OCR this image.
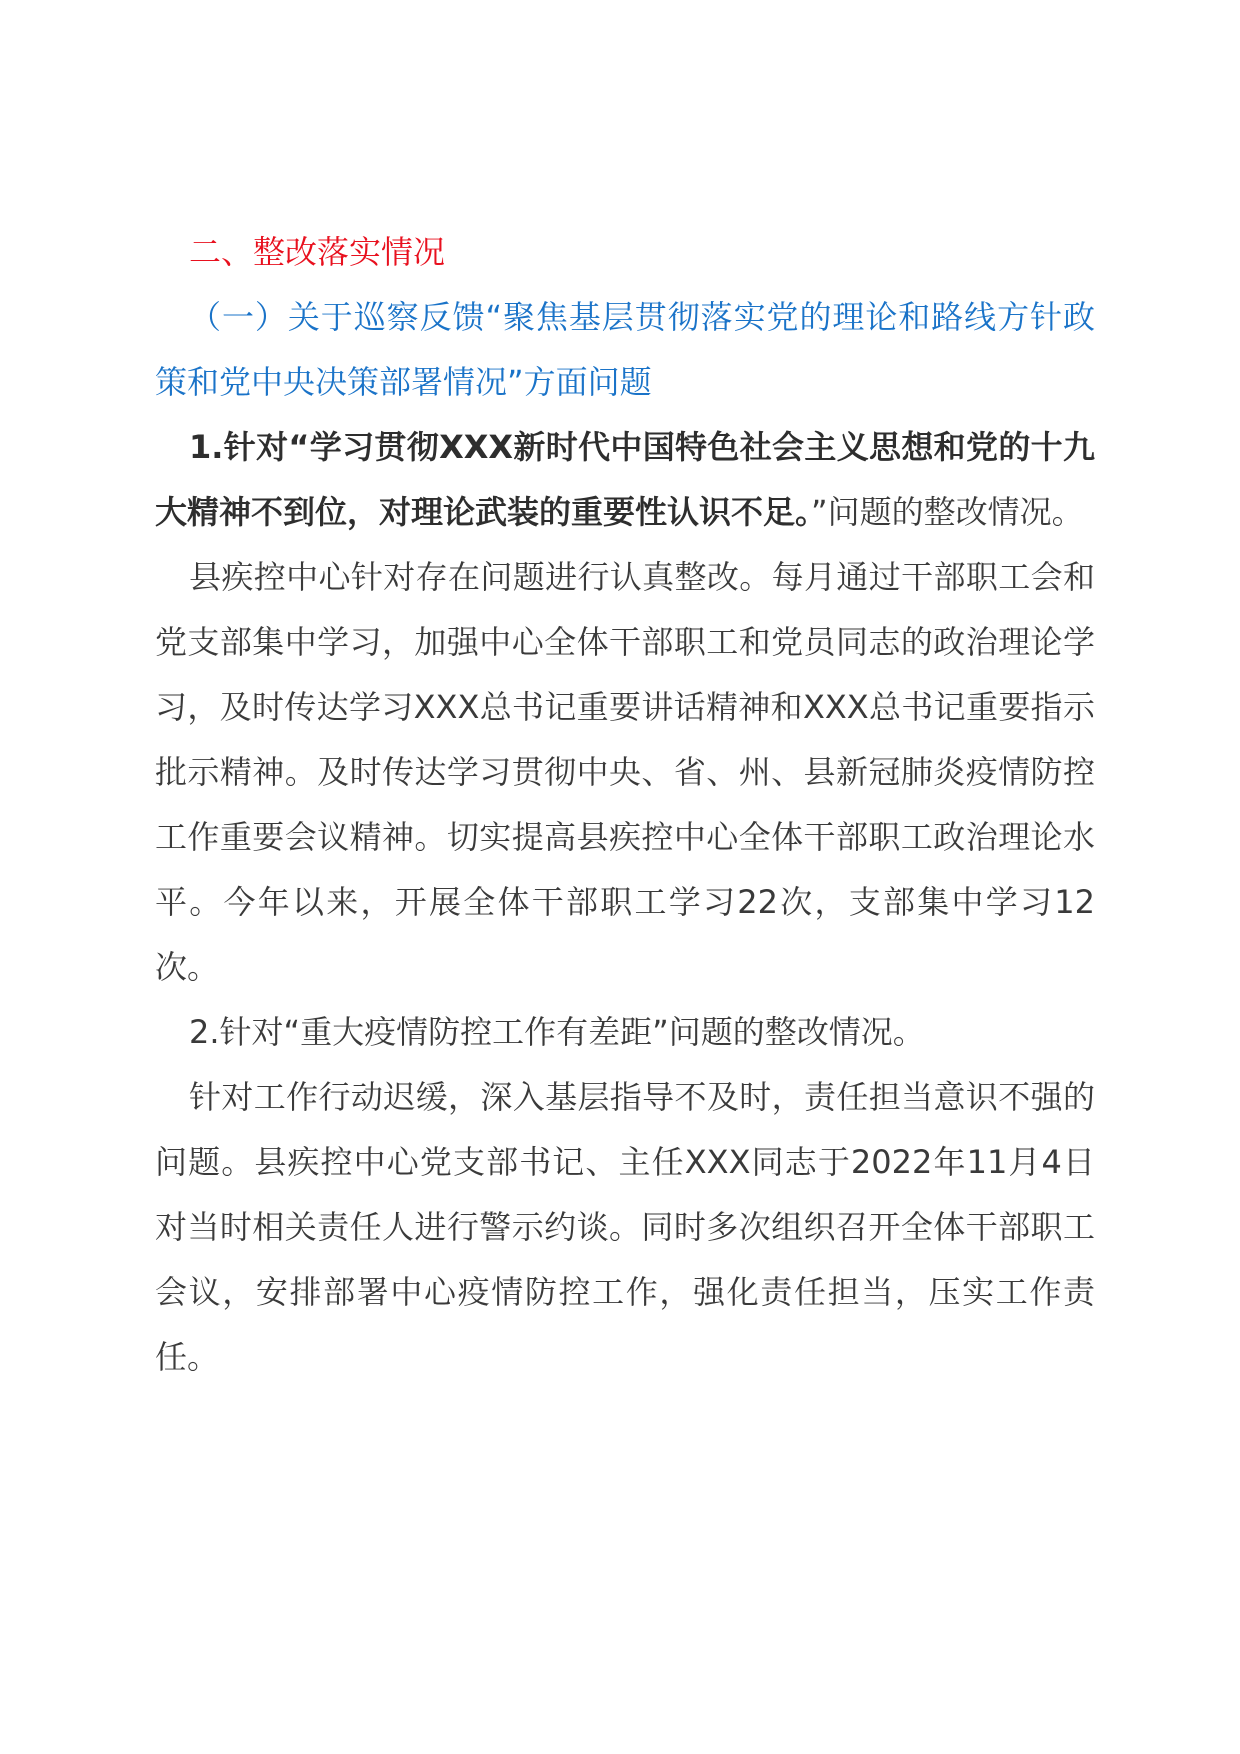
二、整改落实情况

（一）关于巡察反馈“聚焦基层贯彻落实党的理论和路线方针政策和党中央决策部署情况”方面问题

1.针对“学习贯彻XXX新时代中国特色社会主义思想和党的十九大精神不到位，对理论武装的重要性认识不足。”问题的整改情况。

县疾控中心针对存在问题进行认真整改。每月通过干部职工会和党支部集中学习，加强中心全体干部职工和党员同志的政治理论学习，及时传达学习XXX总书记重要讲话精神和XXX总书记重要指示批示精神。及时传达学习贯彻中央、省、州、县新冠肺炎疫情防控工作重要会议精神。切实提高县疾控中心全体干部职工政治理论水平。今年以来，开展全体干部职工学习22次，支部集中学习12次。

2.针对“重大疫情防控工作有差距”问题的整改情况。

针对工作行动迟缓，深入基层指导不及时，责任担当意识不强的问题。县疾控中心党支部书记、主任XXX同志于2022年11月4日对当时相关责任人进行警示约谈。同时多次组织召开全体干部职工会议，安排部署中心疫情防控工作，强化责任担当，压实工作责任。
